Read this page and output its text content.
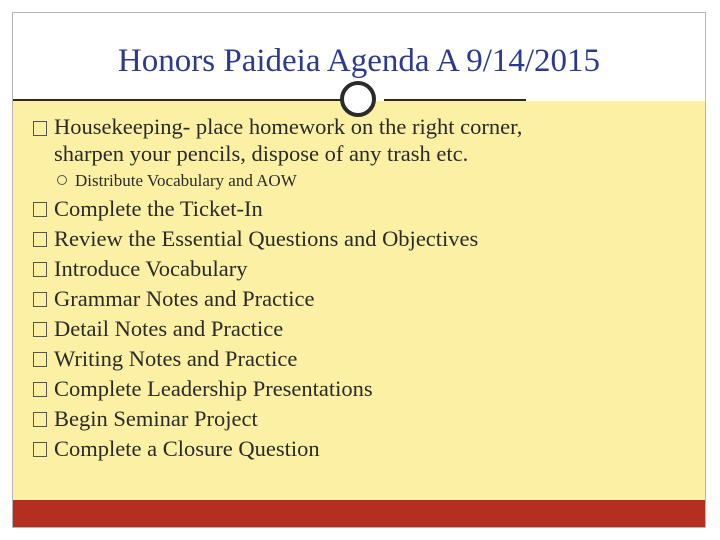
Honors Paideia Agenda A 9/14/2015
Housekeeping- place homework on the right corner,
sharpen your pencils, dispose of any trash etc.
Distribute Vocabulary and AOW
Complete the Ticket-In
Review the Essential Questions and Objectives
Introduce Vocabulary
Grammar Notes and Practice
Detail Notes and Practice
Writing Notes and Practice
Complete Leadership Presentations
Begin Seminar Project
Complete a Closure Question
